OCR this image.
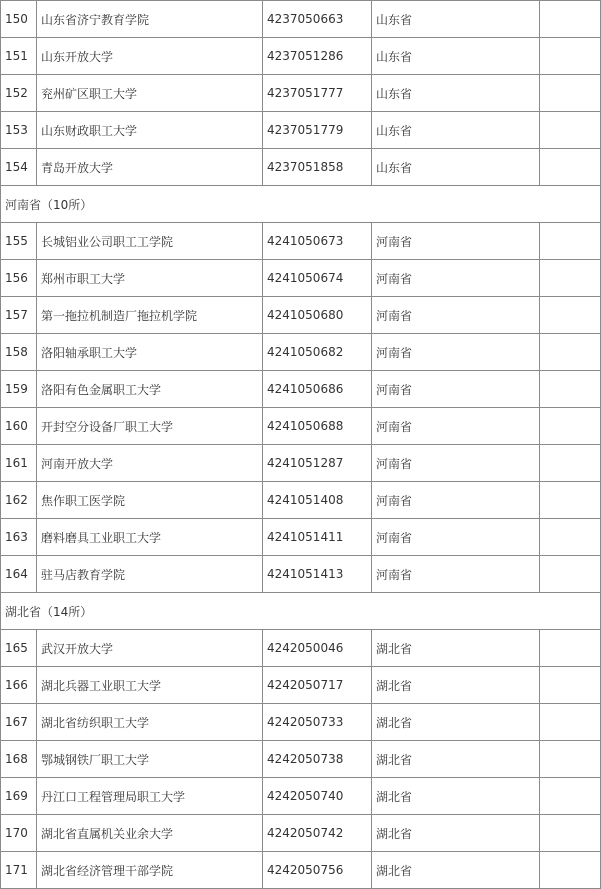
150	山东省济宁教育学院	4237050663	山东省	
151	山东开放大学	4237051286	山东省	
152	兖州矿区职工大学	4237051777	山东省	
153	山东财政职工大学	4237051779	山东省	
154	青岛开放大学	4237051858	山东省	
河南省（10所）				
155	长城铝业公司职工工学院	4241050673	河南省	
156	郑州市职工大学	4241050674	河南省	
157	第一拖拉机制造厂拖拉机学院	4241050680	河南省	
158	洛阳轴承职工大学	4241050682	河南省	
159	洛阳有色金属职工大学	4241050686	河南省	
160	开封空分设备厂职工大学	4241050688	河南省	
161	河南开放大学	4241051287	河南省	
162	焦作职工医学院	4241051408	河南省	
163	磨料磨具工业职工大学	4241051411	河南省	
164	驻马店教育学院	4241051413	河南省	
湖北省（14所）				
165	武汉开放大学	4242050046	湖北省	
166	湖北兵器工业职工大学	4242050717	湖北省	
167	湖北省纺织职工大学	4242050733	湖北省	
168	鄂城钢铁厂职工大学	4242050738	湖北省	
169	丹江口工程管理局职工大学	4242050740	湖北省	
170	湖北省直属机关业余大学	4242050742	湖北省	
171	湖北省经济管理干部学院	4242050756	湖北省	
